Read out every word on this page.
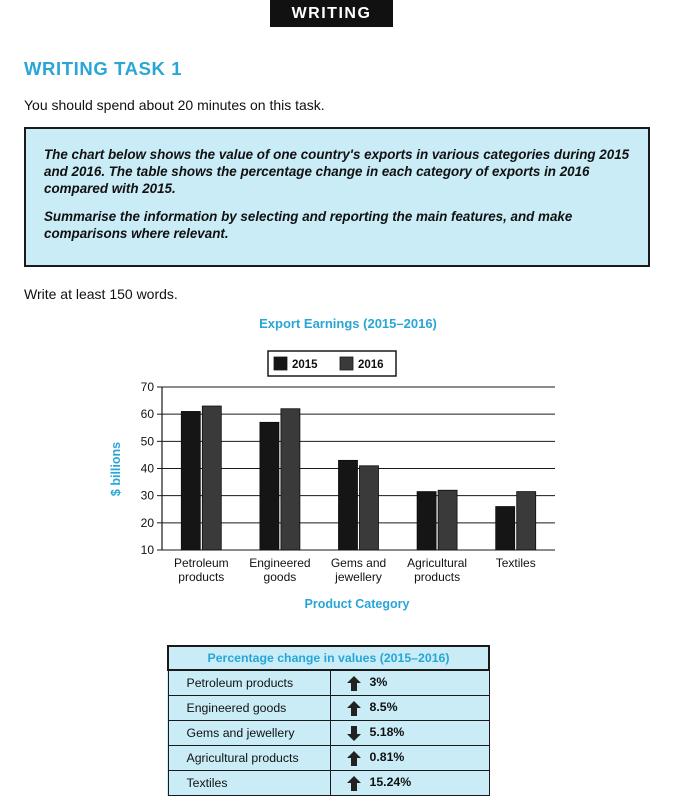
WRITING
WRITING TASK 1

You should spend about 20 minutes on this task.

The chart below shows the value of one country's exports in various categories during 2015 and 2016. The table shows the percentage change in each category of exports in 2016 compared with 2015.

Summarise the information by selecting and reporting the main features, and make comparisons where relevant.

Write at least 150 words.

Export Earnings (2015–2016)
2015	2016
$ billions
Product Category
10
20
30
40
50
60
70
Petroleum
products
Engineered
goods
Gems and
jewellery
Agricultural
products
Textiles
Percentage change in values (2015–2016)	
Petroleum products	3%
Engineered goods	8.5%
Gems and jewellery	5.18%
Agricultural products	0.81%
Textiles	15.24%
